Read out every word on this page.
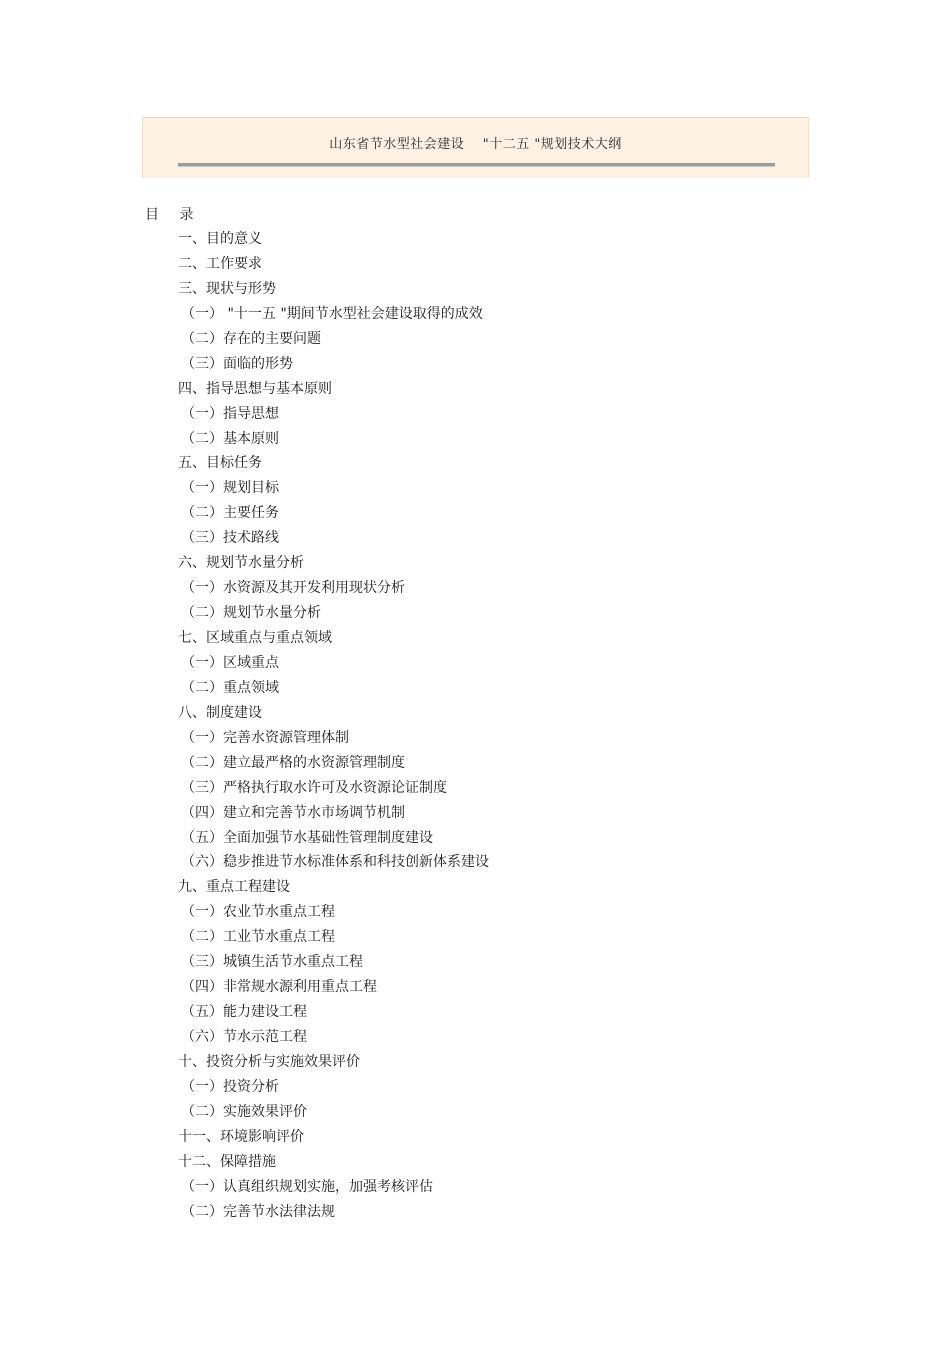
山东省节水型社会建设    "十二五 "规划技术大纲
目 录
一、目的意义
二、工作要求
三、现状与形势
（一） "十一五 "期间节水型社会建设取得的成效
（二）存在的主要问题
（三）面临的形势
四、指导思想与基本原则
（一）指导思想
（二）基本原则
五、目标任务
（一）规划目标
（二）主要任务
（三）技术路线
六、规划节水量分析
（一）水资源及其开发利用现状分析
（二）规划节水量分析
七、区域重点与重点领域
（一）区域重点
（二）重点领域
八、制度建设
（一）完善水资源管理体制
（二）建立最严格的水资源管理制度
（三）严格执行取水许可及水资源论证制度
（四）建立和完善节水市场调节机制
（五）全面加强节水基础性管理制度建设
（六）稳步推进节水标准体系和科技创新体系建设
九、重点工程建设
（一）农业节水重点工程
（二）工业节水重点工程
（三）城镇生活节水重点工程
（四）非常规水源利用重点工程
（五）能力建设工程
（六）节水示范工程
十、投资分析与实施效果评价
（一）投资分析
（二）实施效果评价
十一、环境影响评价
十二、保障措施
（一）认真组织规划实施，加强考核评估
（二）完善节水法律法规
